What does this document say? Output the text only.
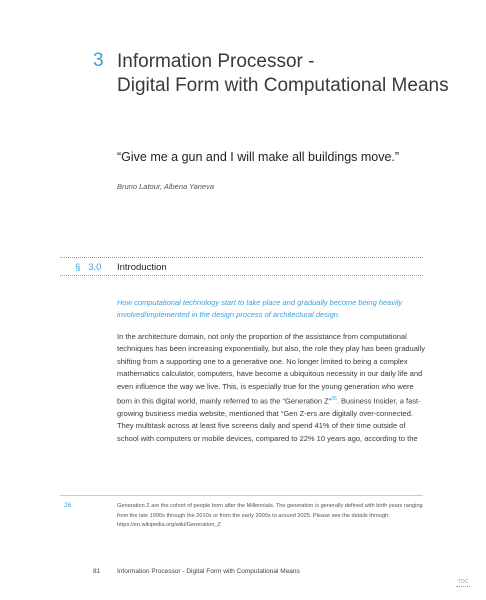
3 Information Processor -
Digital Form with Computational Means
“Give me a gun and I will make all buildings move.”
Bruno Latour, Albena Yaneva
§ 3.0 Introduction
How computational technology start to take place and gradually become being heavily involved/implemented in the design process of architectural design.
In the architecture domain, not only the proportion of the assistance from computational techniques has been increasing exponentially, but also, the role they play has been gradually shifting from a supporting one to a generative one. No longer limited to being a complex mathematics calculator, computers, have become a ubiquitous necessity in our daily life and even influence the way we live. This, is especially true for the young generation who were born in this digital world, mainly referred to as the “Generation Z”$^{26}$. Business Insider, a fast-growing business media website, mentioned that “Gen Z-ers are digitally over-connected. They multitask across at least five screens daily and spend 41% of their time outside of school with computers or mobile devices, compared to 22% 10 years ago, according to the
26	Generation Z are the cohort of people born after the Millennials. The generation is generally defined with birth years ranging from the late 1990s through the 2010s or from the early 2000s to around 2025. Please see the details through: https://en.wikipedia.org/wiki/Generation_Z
81	Information Processor - Digital Form with Computational Means
TOC
